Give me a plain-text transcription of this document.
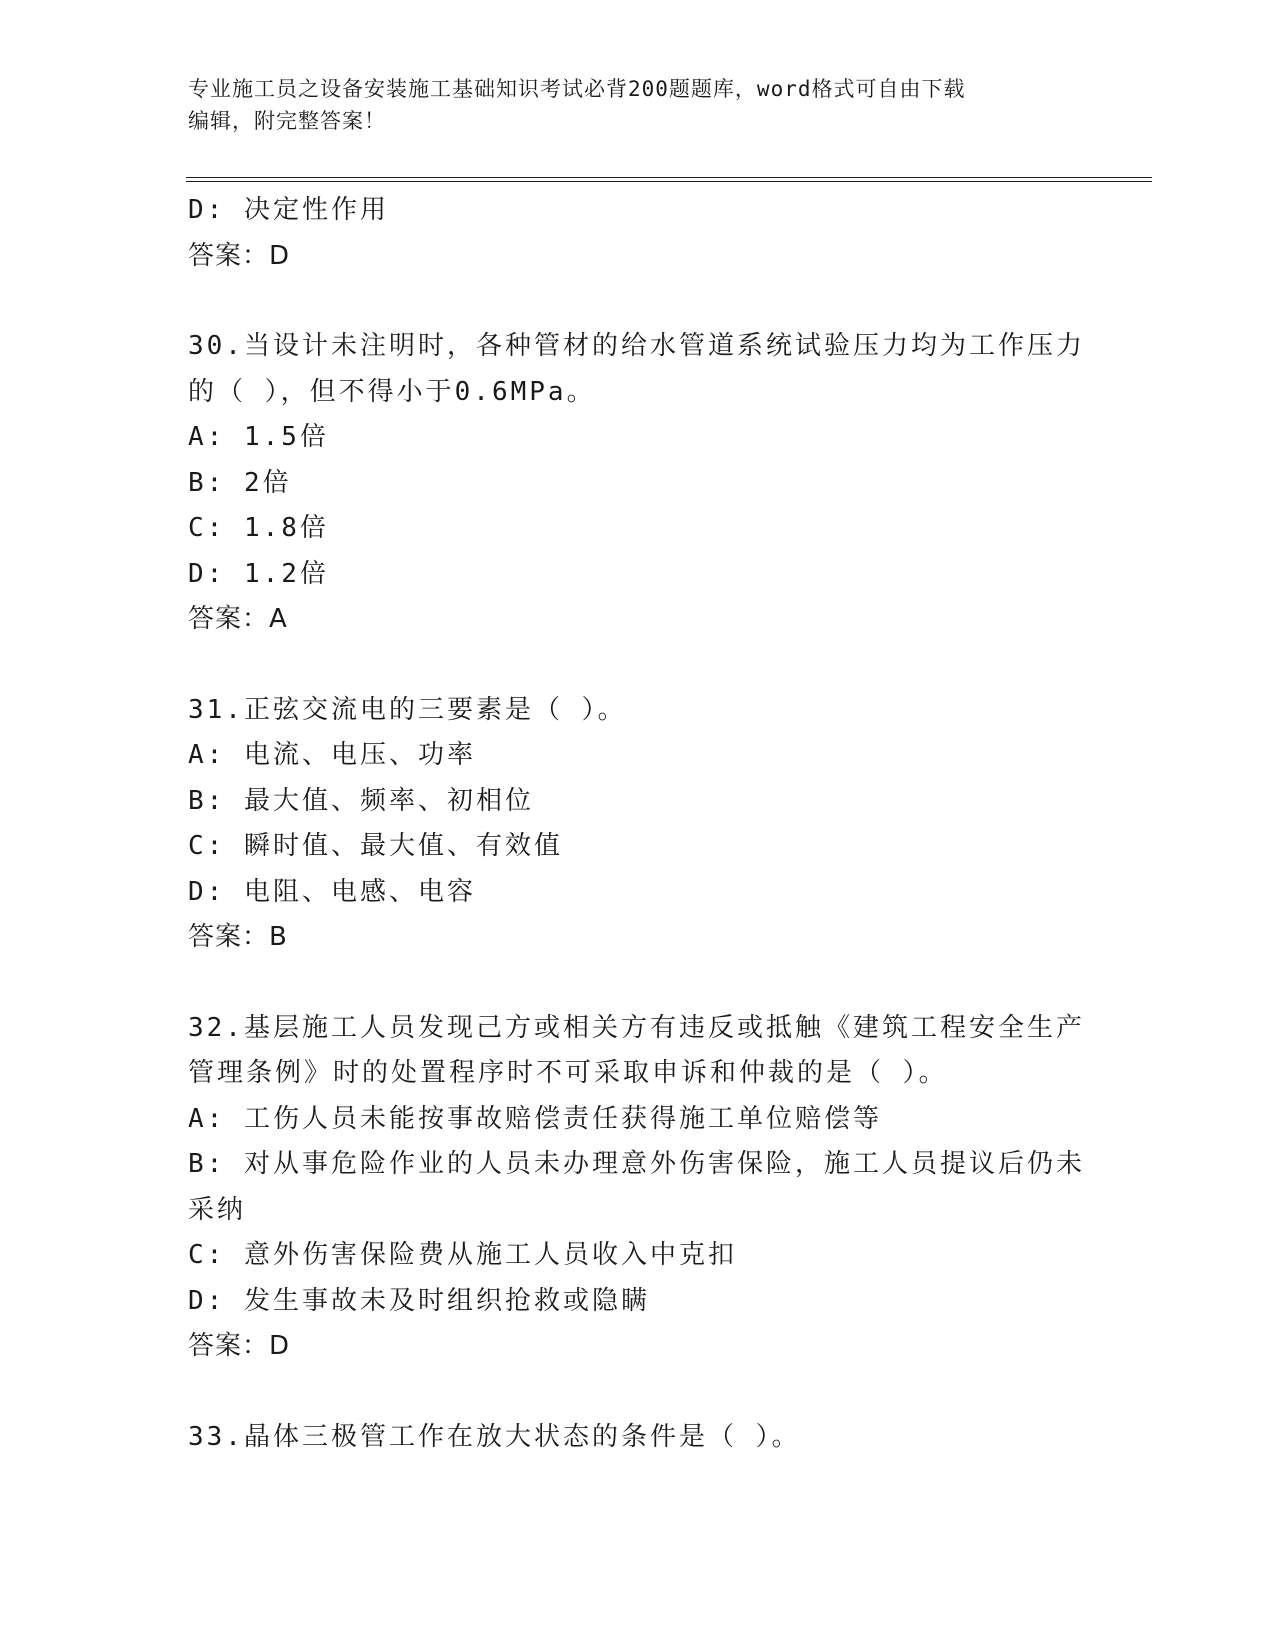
专业施工员之设备安装施工基础知识考试必背200题题库，word格式可自由下载
编辑，附完整答案！
D: 决定性作用
答案：D
30.当设计未注明时，各种管材的给水管道系统试验压力均为工作压力
的（ ），但不得小于0.6MPa。
A: 1.5倍
B: 2倍
C: 1.8倍
D: 1.2倍
答案：A
31.正弦交流电的三要素是（ ）。
A: 电流、电压、功率
B: 最大值、频率、初相位
C: 瞬时值、最大值、有效值
D: 电阻、电感、电容
答案：B
32.基层施工人员发现己方或相关方有违反或抵触《建筑工程安全生产
管理条例》时的处置程序时不可采取申诉和仲裁的是（ ）。
A: 工伤人员未能按事故赔偿责任获得施工单位赔偿等
B: 对从事危险作业的人员未办理意外伤害保险，施工人员提议后仍未
采纳
C: 意外伤害保险费从施工人员收入中克扣
D: 发生事故未及时组织抢救或隐瞒
答案：D
33.晶体三极管工作在放大状态的条件是（ ）。
